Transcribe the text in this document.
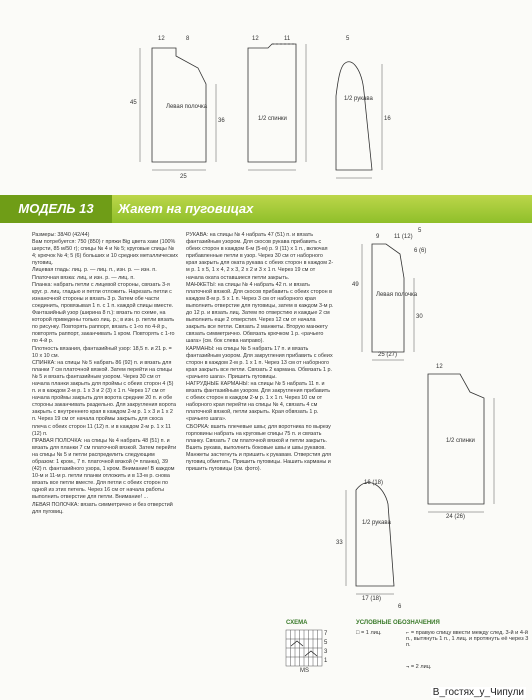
Левая полочка
1/2 спинки
1/2 рукава
12	8
45
36
25
12	11	5
16
МОДЕЛЬ 13	Жакет на пуговицах
Размеры: 38/40 (42/44)
Вам потребуется: 750 (850) г пряжи Big цвета хаки (100% шерсти, 85 м/50 г); спицы № 4 и № 5; круговые спицы № 4; крючок № 4; 5 (6) больших и 10 средних металлических пуговиц.
Лицевая гладь: лиц. р. — лиц. п., изн. р. — изн. п.
Платочная вязка: лиц. и изн. р. — лиц. п.
Планка: набрать петли с лицевой стороны, связать 3-я круг. р. лиц. гладью и петли отложить. Нарезать петли с изнаночной стороны и вязать 3 р. Затем обе части соединить, провязывая 1 п. с 1 п. каждой спицы вместе.
Фантазийный узор (ширина 8 п.): вязать по схеме, на которой приведены только лиц. р.; в изн. р. петли вязать по рисунку. Повторять раппорт, вязать с 1-го по 4-й р., повторять раппорт, заканчивать 1 кром. Повторять с 1-го по 4-й р.
Плотность вязания, фантазийный узор: 18,5 п. и 21 р. = 10 х 10 см.
СПИНКА: на спицы № 5 набрать 86 (92) п. и вязать для планки 7 см платочной вязкой. Затем перейти на спицы № 5 и вязать фантазийным узором. Через 30 см от начала планки закрыть для проймы с обеих сторон 4 (5) п. и в каждом 2-м р. 1 х 3 и 2 (3) х 1 п. Через 17 см от начала проймы закрыть для ворота средние 20 п. и обе стороны заканчивать раздельно. Для закругления ворота закрыть с внутреннего края в каждом 2-м р. 1 х 3 и 1 х 2 п. Через 19 см от начала проймы закрыть для скоса плеча с обеих сторон 11 (12) п. и в каждом 2-м р. 1 х 11 (12) п.
ПРАВАЯ ПОЛОЧКА: на спицы № 4 набрать 48 (51) п. и вязать для планки 7 см платочной вязкой. Затем перейти на спицы № 5 и петли распределить следующим образом: 1 кром., 7 п. платочной вязкой (= планка), 39 (42) п. фантазийного узора, 1 кром. Внимание! В каждом 10-м и 11-м р. петли планки отложить и в 13-м р. снова вязать все петли вместе. Для петли с обеих сторон по одной из этих петель. Через 16 см от начала работы выполнить отверстие для петли. Внимание! ...
ЛЕВАЯ ПОЛОЧКА: вязать симметрично и без отверстий для пуговиц.
РУКАВА: на спицы № 4 набрать 47 (51) п. и вязать фантазийным узором. Для скосов рукава прибавить с обеих сторон в каждом 6-м (5-м) р. 9 (11) х 1 п., включая прибавленные петли в узор. Через 30 см от наборного края закрыть для оката рукава с обеих сторон в каждом 2-м р. 1 х 5, 1 х 4, 2 х 3, 2 х 2 и 3 х 1 п. Через 19 см от начала оката оставшиеся петли закрыть.
МАНЖЕТЫ: на спицы № 4 набрать 42 п. и вязать платочной вязкой. Для скосов прибавить с обеих сторон в каждом 8-м р. 5 х 1 п. Через 3 см от наборного края выполнить отверстие для пуговицы, затем в каждом 3-м р. до 12 р. и вязать лиц. Затем по отверстию и каждые 2 см выполнить еще 2 отверстия. Через 12 см от начала закрыть все петли. Связать 2 манжеты. Вторую манжету связать симметрично. Обвязать крючком 1 р. «рачьего шага» (см. бок слева направо).
КАРМАНЫ: на спицы № 5 набрать 17 п. и вязать фантазийным узором. Для закругления прибавить с обеих сторон в каждом 2-м р. 1 х 1 п. Через 13 см от наборного края закрыть все петли. Связать 2 кармана. Обвязать 1 р. «рачьего шага». Пришить пуговицы.
НАГРУДНЫЕ КАРМАНЫ: на спицы № 5 набрать 11 п. и вязать фантазийным узором. Для закругления прибавить с обеих сторон в каждом 2-м р. 1 х 1 п. Через 10 см от наборного края перейти на спицы № 4, связать 4 см платочной вязкой, петли закрыть. Края обвязать 1 р. «рачьего шага».
СБОРКА: вшить плечевые швы; для воротника по вырезу горловины набрать на круговые спицы 75 п. и связать планку. Связать 7 см платочной вязкой и петли закрыть. Вшить рукава, выполнить боковые швы и швы рукавов. Манжеты застегнуть и пришить к рукавам. Отверстия для пуговиц обметать. Пришить пуговицы. Нашить карманы и пришить пуговицы (см. фото).
Левая полочка
1/2 спинки
1/2 рукава
9 11 (12)
6 (6)
5
49
30
25 (27)
12
24 (26)
16 (18)
33
17 (18)
6
СХЕМА
7
5
3
1
МS
УСЛОВНЫЕ ОБОЗНАЧЕНИЯ
□ = 1 лиц.	⌐ = правую спицу ввести между след. 3-й и 4-й п., вытянуть 1 п., 1 лиц. и протянуть её через 3 п.
¬ = 2 лиц.
В_гостях_у_Чипули
